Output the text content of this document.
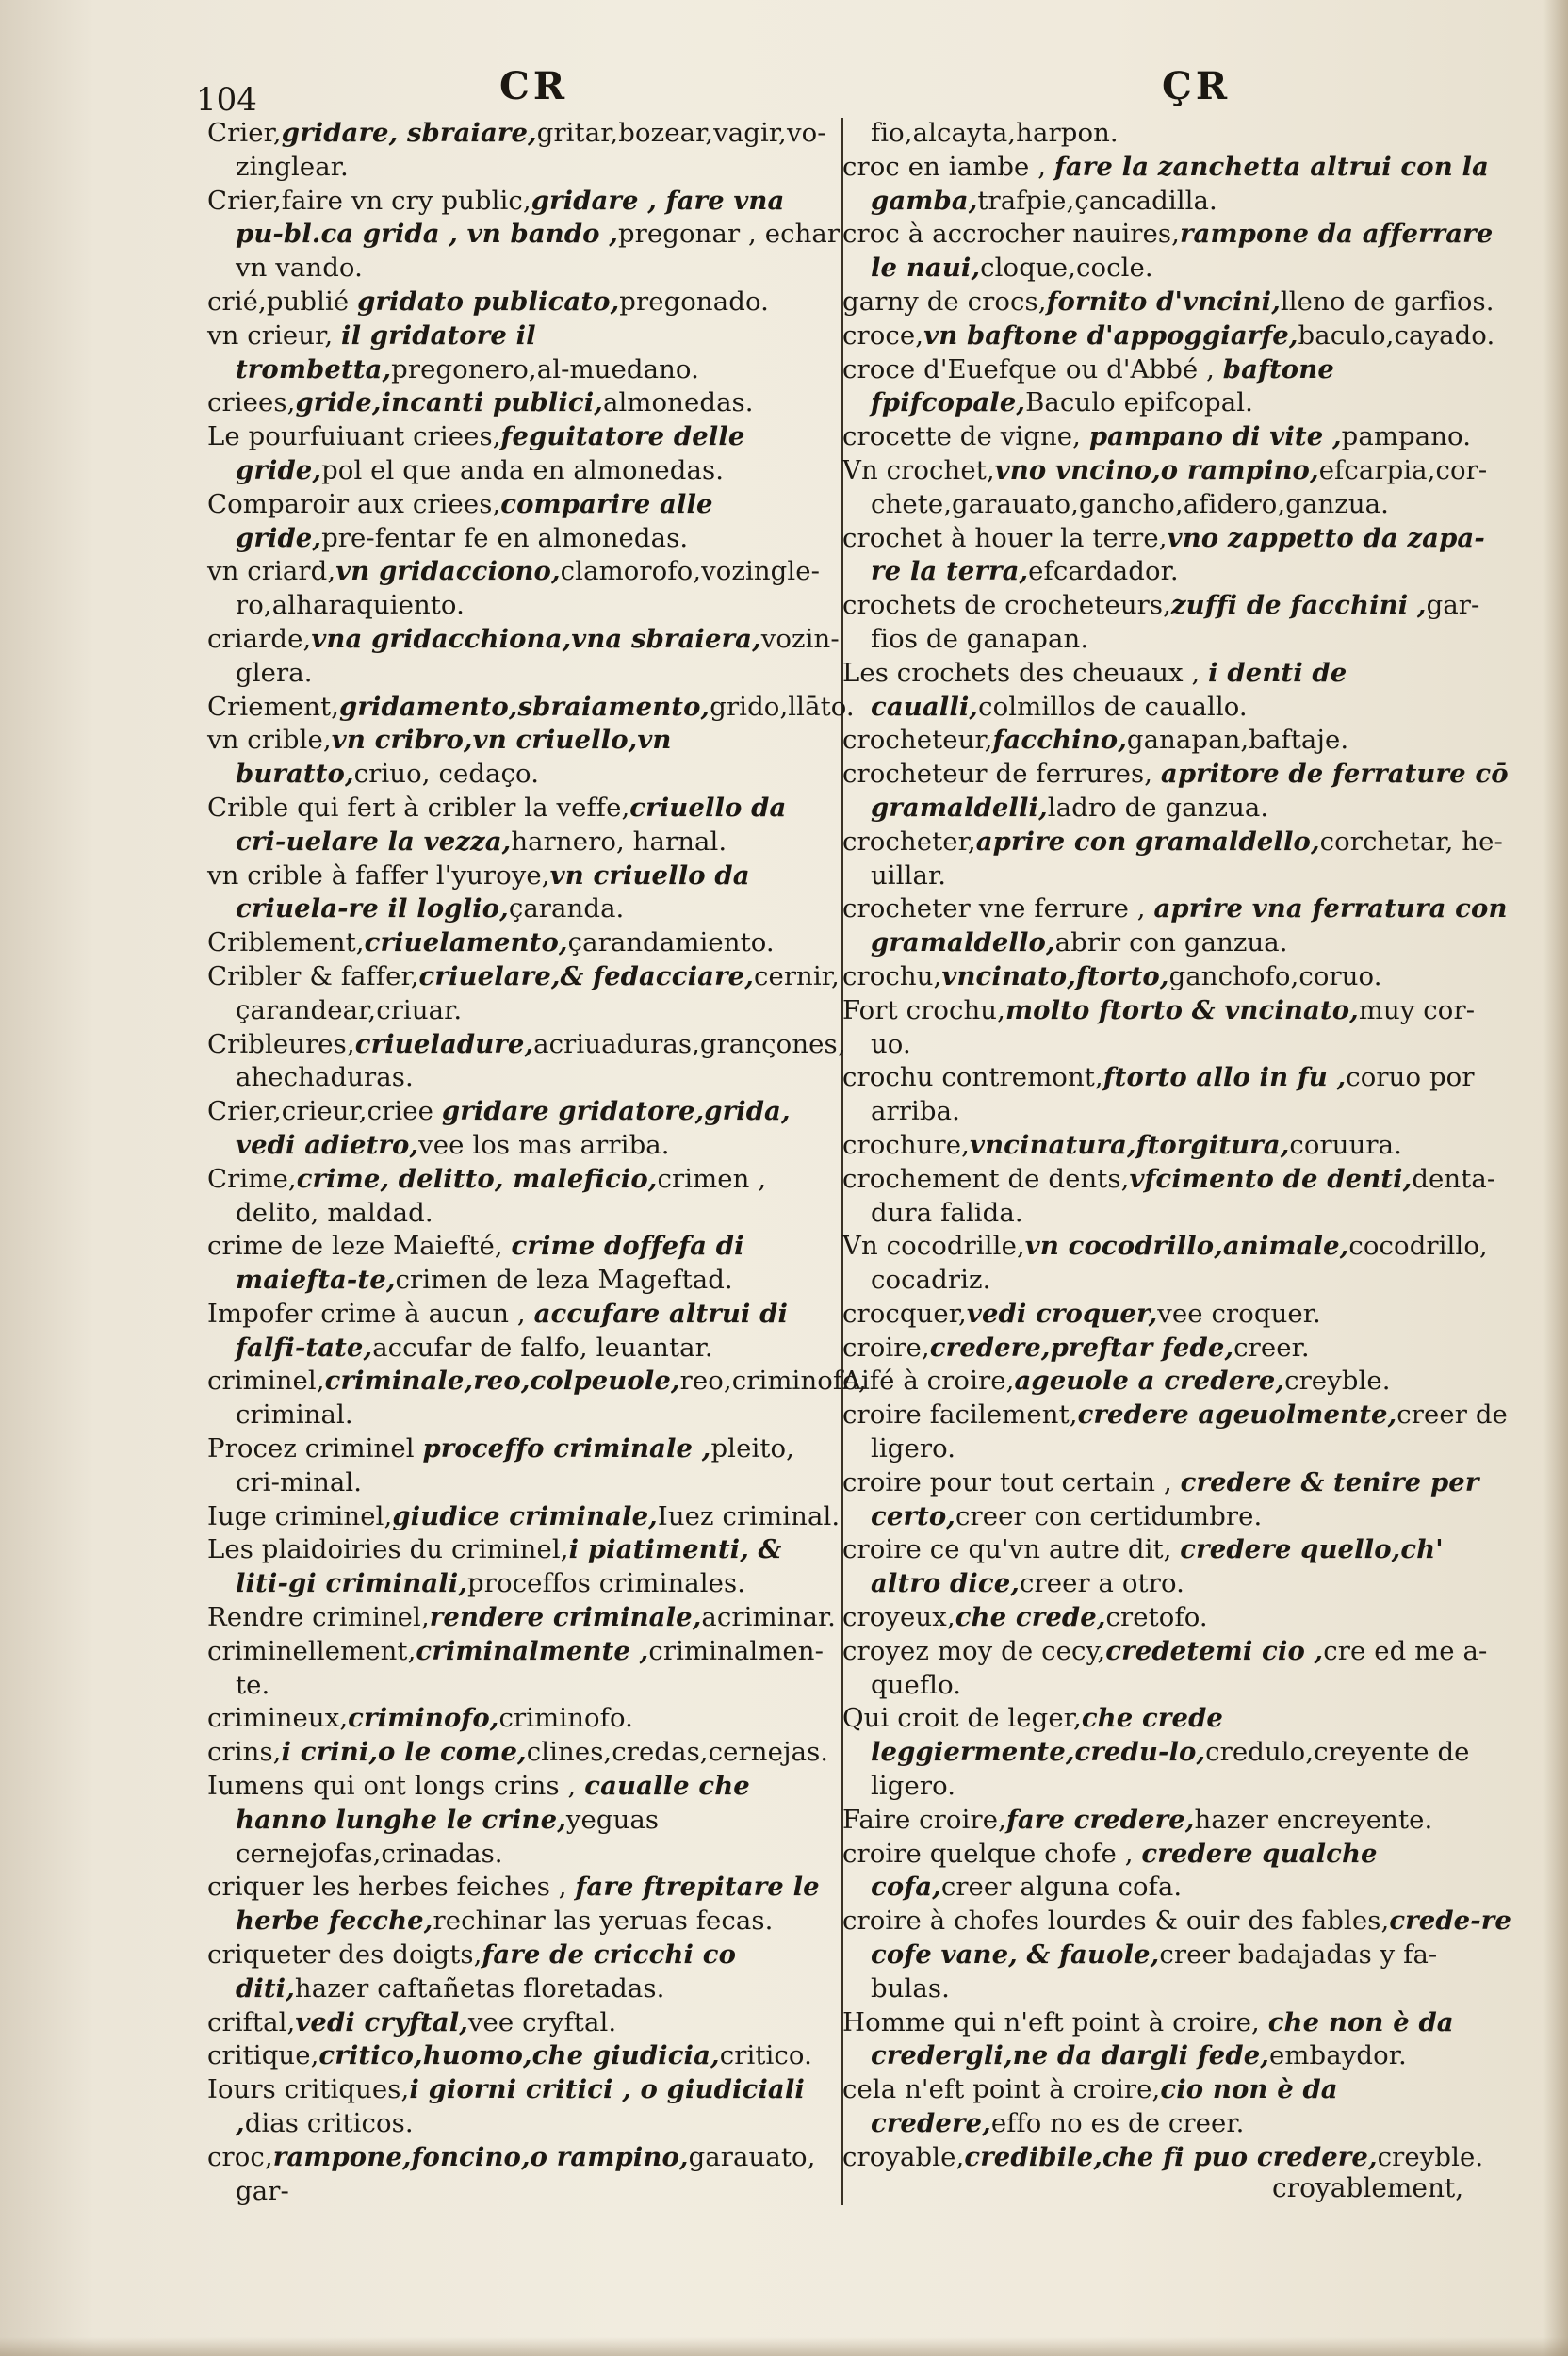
104	CR	ÇR

Crier,gridare, sbraiare,gritar,bozear,vagir,vo-zinglear.

Crier,faire vn cry public,gridare , fare vna pu-bl.ca grida , vn bando ,pregonar , echar vn vando.

crié,publié gridato publicato,pregonado.

vn crieur, il gridatore il trombetta,pregonero,al-muedano.

criees,gride,incanti publici,almonedas.

Le pourfuiuant criees,feguitatore delle gride,pol el que anda en almonedas.

Comparoir aux criees,comparire alle gride,pre-fentar fe en almonedas.

vn criard,vn gridacciono,clamorofo,vozingle-ro,alharaquiento.

criarde,vna gridacchiona,vna sbraiera,vozin-glera.

Criement,gridamento,sbraiamento,grido,llāto.

vn crible,vn cribro,vn criuello,vn buratto,criuo, cedaço.

Crible qui fert à cribler la veffe,criuello da cri-uelare la vezza,harnero, harnal.

vn crible à faffer l'yuroye,vn criuello da criuela-re il loglio,çaranda.

Criblement,criuelamento,çarandamiento.

Cribler & faffer,criuelare,& fedacciare,cernir, çarandear,criuar.

Cribleures,criueladure,acriuaduras,granςones, ahechaduras.

Crier,crieur,criee gridare gridatore,grida, vedi adietro,vee los mas arriba.

Crime,crime, delitto, maleficio,crimen , delito, maldad.

crime de leze Maiefté, crime doffefa di maiefta-te,crimen de leza Mageftad.

Impofer crime à aucun , accufare altrui di falfi-tate,accufar de falfo, leuantar.

criminel,criminale,reo,colpeuole,reo,criminofo, criminal.

Procez criminel proceffo criminale ,pleito, cri-minal.

Iuge criminel,giudice criminale,Iuez criminal.

Les plaidoiries du criminel,i piatimenti, & liti-gi criminali,proceffos criminales.

Rendre criminel,rendere criminale,acriminar.

criminellement,criminalmente ,criminalmen-te.

crimineux,criminofo,criminofo.

crins,i crini,o le come,clines,credas,cernejas.

Iumens qui ont longs crins , caualle che hanno lunghe le crine,yeguas cernejofas,crinadas.

criquer les herbes feiches , fare ftrepitare le herbe fecche,rechinar las yeruas fecas.

criqueter des doigts,fare de cricchi co diti,hazer caftañetas floretadas.

criftal,vedi cryftal,vee cryftal.

critique,critico,huomo,che giudicia,critico.

Iours critiques,i giorni critici , o giudiciali ,dias criticos.

croc,rampone,foncino,o rampino,garauato, gar-

fio,alcayta,harpon.

croc en iambe , fare la zanchetta altrui con la gamba,trafpie,çancadilla.

croc à accrocher nauires,rampone da afferrare le naui,cloque,cocle.

garny de crocs,fornito d'vncini,lleno de garfios.

croce,vn baftone d'appoggiarfe,baculo,cayado.

croce d'Euefque ou d'Abbé , baftone fpifcopale,Baculo epifcopal.

crocette de vigne, pampano di vite ,pampano.

Vn crochet,vno vncino,o rampino,efcarpia,cor-chete,garauato,gancho,afidero,ganzua.

crochet à houer la terre,vno zappetto da zapa-re la terra,efcardador.

crochets de crocheteurs,zuffi de facchini ,gar-fios de ganapan.

Les crochets des cheuaux , i denti de caualli,colmillos de cauallo.

crocheteur,facchino,ganapan,baftaje.

crocheteur de ferrures, apritore de ferrature cō gramaldelli,ladro de ganzua.

crocheter,aprire con gramaldello,corchetar, he-uillar.

crocheter vne ferrure , aprire vna ferratura con gramaldello,abrir con ganzua.

crochu,vncinato,ftorto,ganchofo,coruo.

Fort crochu,molto ftorto & vncinato,muy cor-uo.

crochu contremont,ftorto allo in fu ,coruo por arriba.

crochure,vncinatura,ftorgitura,coruura.

crochement de dents,vfcimento de denti,denta-dura falida.

Vn cocodrille,vn cocodrillo,animale,cocodrillo, cocadriz.

crocquer,vedi croquer,vee croquer.

croire,credere,preftar fede,creer.

Aifé à croire,ageuole a credere,creyble.

croire facilement,credere ageuolmente,creer de ligero.

croire pour tout certain , credere & tenire per certo,creer con certidumbre.

croire ce qu'vn autre dit, credere quello,ch' altro dice,creer a otro.

croyeux,che crede,cretofo.

croyez moy de cecy,credetemi cio ,cre ed me a-queflo.

Qui croit de leger,che crede leggiermente,credu-lo,credulo,creyente de ligero.

Faire croire,fare credere,hazer encreyente.

croire quelque chofe , credere qualche cofa,creer alguna cofa.

croire à chofes lourdes & ouir des fables,crede-re cofe vane, & fauole,creer badajadas y fa-bulas.

Homme qui n'eft point à croire, che non è da credergli,ne da dargli fede,embaydor.

cela n'eft point à croire,cio non è da credere,effo no es de creer.

croyable,credibile,che fi puo credere,creyble.

croyablement,
